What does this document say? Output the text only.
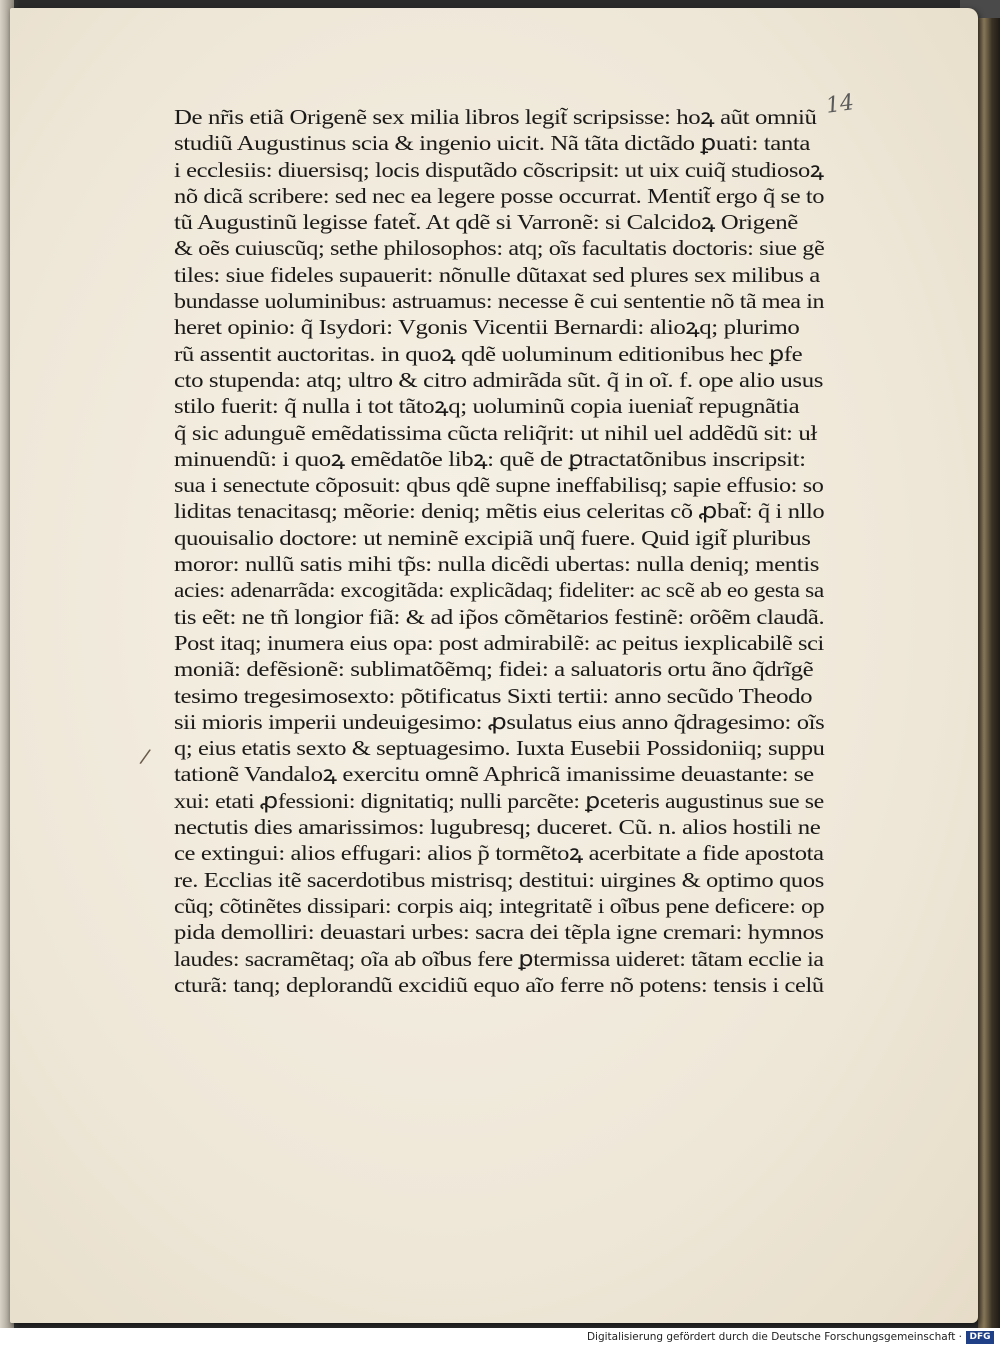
14
/
De nr̃is etiã Origenẽ sex milia libros legit̃ scripsisse: hoꝝ aũt omniũ
studiũ Augustinus scia & ingenio uicit. Nã tãta dictãdo ꝑuati: tanta
i ecclesiis: diuersisq; locis disputãdo cõscripsit: ut uix cuiq̃ studiosoꝝ
nõ dicã scribere: sed nec ea legere posse occurrat. Mentit̃ ergo q̃ se to
tũ Augustinũ legisse fatet̃. At qdẽ si Varronẽ: si Calcidoꝝ Origenẽ
& oẽs cuiuscũq; sethe philosophos: atq; oĩs facultatis doctoris: siue gẽ
tiles: siue fideles supauerit: nõnulle dũtaxat sed plures sex milibus a
bundasse uoluminibus: astruamus: necesse ẽ cui sententie nõ tã mea in
heret opinio: q̃ Isydori: Vgonis Vicentii Bernardi: alioꝝq; plurimo
rũ assentit auctoritas. in quoꝝ qdẽ uoluminum editionibus hec ꝑfe
cto stupenda: atq; ultro & citro admirãda sũt. q̃ in oĩ. f. ope alio usus
stilo fuerit: q̃ nulla i tot tãtoꝝq; uoluminũ copia iueniat̃ repugnãtia
q̃ sic adunguẽ emẽdatissima cũcta reliq̃rit: ut nihil uel addẽdũ sit: uł
minuendũ: i quoꝝ emẽdatõe libꝝ: quẽ de ꝑtractatõnibus inscripsit:
sua i senectute cõposuit: qbus qdẽ supne ineffabilisq; sapie effusio: so
liditas tenacitasq; mẽorie: deniq; mẽtis eius celeritas cõ ꝓbat̃: q̃ i nllo
quouisalio doctore: ut neminẽ excipiã unq̃ fuere. Quid igit̃ pluribus
moror: nullũ satis mihi tp̃s: nulla dicẽdi ubertas: nulla deniq; mentis
acies: adenarrãda: excogitãda: explicãdaq; fideliter: ac scẽ ab eo gesta sa
tis eẽt: ne tñ longior fiã: & ad ip̃os cõmẽtarios festinẽ: orõẽm claudã.
Post itaq; inumera eius opa: post admirabilẽ: ac peitus iexplicabilẽ sci
moniã: defẽsionẽ: sublimatõẽmq; fidei: a saluatoris ortu ãno q̃drĩgẽ
tesimo tregesimosexto: põtificatus Sixti tertii: anno secũdo Theodo
sii mioris imperii undeuigesimo: ꝓsulatus eius anno q̃dragesimo: oĩs
q; eius etatis sexto & septuagesimo. Iuxta Eusebii Possidoniiq; suppu
tationẽ Vandaloꝝ exercitu omnẽ Aphricã imanissime deuastante: se
xui: etati ꝓfessioni: dignitatiq; nulli parcẽte: ꝑceteris augustinus sue se
nectutis dies amarissimos: lugubresq; duceret. Cũ. n. alios hostili ne
ce extingui: alios effugari: alios p̃ tormẽtoꝝ acerbitate a fide apostota
re. Ecclias itẽ sacerdotibus mistrisq; destitui: uirgines & optimo quos
cũq; cõtinẽtes dissipari: corpis aiq; integritatẽ i oĩbus pene deficere: op
pida demolliri: deuastari urbes: sacra dei tẽpla igne cremari: hymnos
laudes: sacramẽtaq; oĩa ab oĩbus fere ꝑtermissa uideret: tãtam ecclie ia
cturã: tanq; deplorandũ excidiũ equo aĩo ferre nõ potens: tensis i celũ
Digitalisierung gefördert durch die Deutsche Forschungsgemeinschaft · DFG
